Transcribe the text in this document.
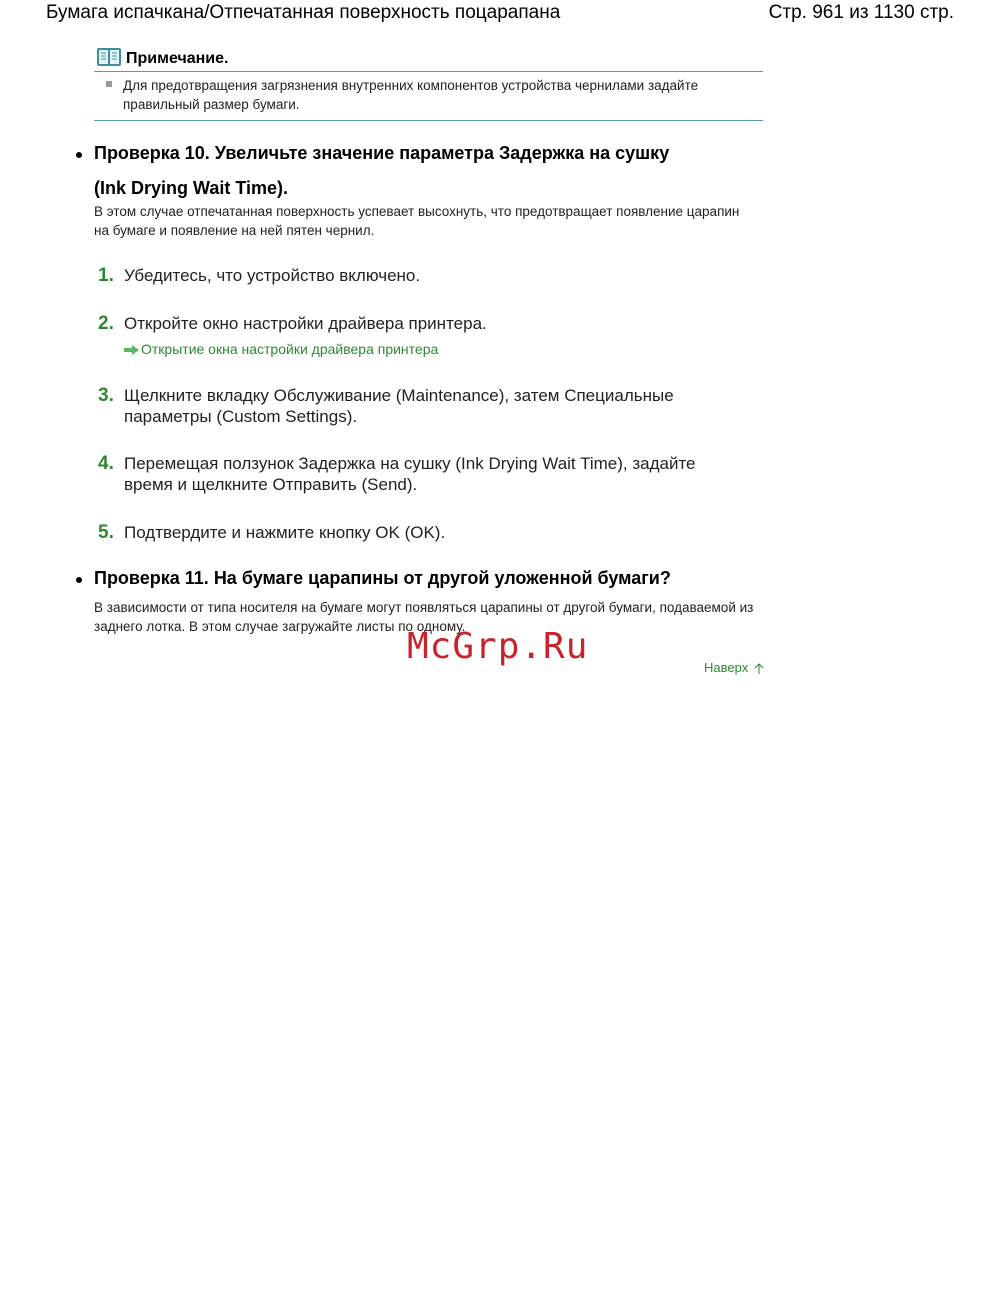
Бумага испачкана/Отпечатанная поверхность поцарапана	Стр. 961 из 1130 стр.
Примечание.
Для предотвращения загрязнения внутренних компонентов устройства чернилами задайте правильный размер бумаги.
Проверка 10. Увеличьте значение параметра Задержка на сушку
(Ink Drying Wait Time).
В этом случае отпечатанная поверхность успевает высохнуть, что предотвращает появление царапин на бумаге и появление на ней пятен чернил.
1. Убедитесь, что устройство включено.
2. Откройте окно настройки драйвера принтера.
Открытие окна настройки драйвера принтера
3. Щелкните вкладку Обслуживание (Maintenance), затем Специальные параметры (Custom Settings).
4. Перемещая ползунок Задержка на сушку (Ink Drying Wait Time), задайте время и щелкните Отправить (Send).
5. Подтвердите и нажмите кнопку OK (OK).
Проверка 11. На бумаге царапины от другой уложенной бумаги?
В зависимости от типа носителя на бумаге могут появляться царапины от другой бумаги, подаваемой из заднего лотка. В этом случае загружайте листы по одному.
McGrp.Ru
Наверх
